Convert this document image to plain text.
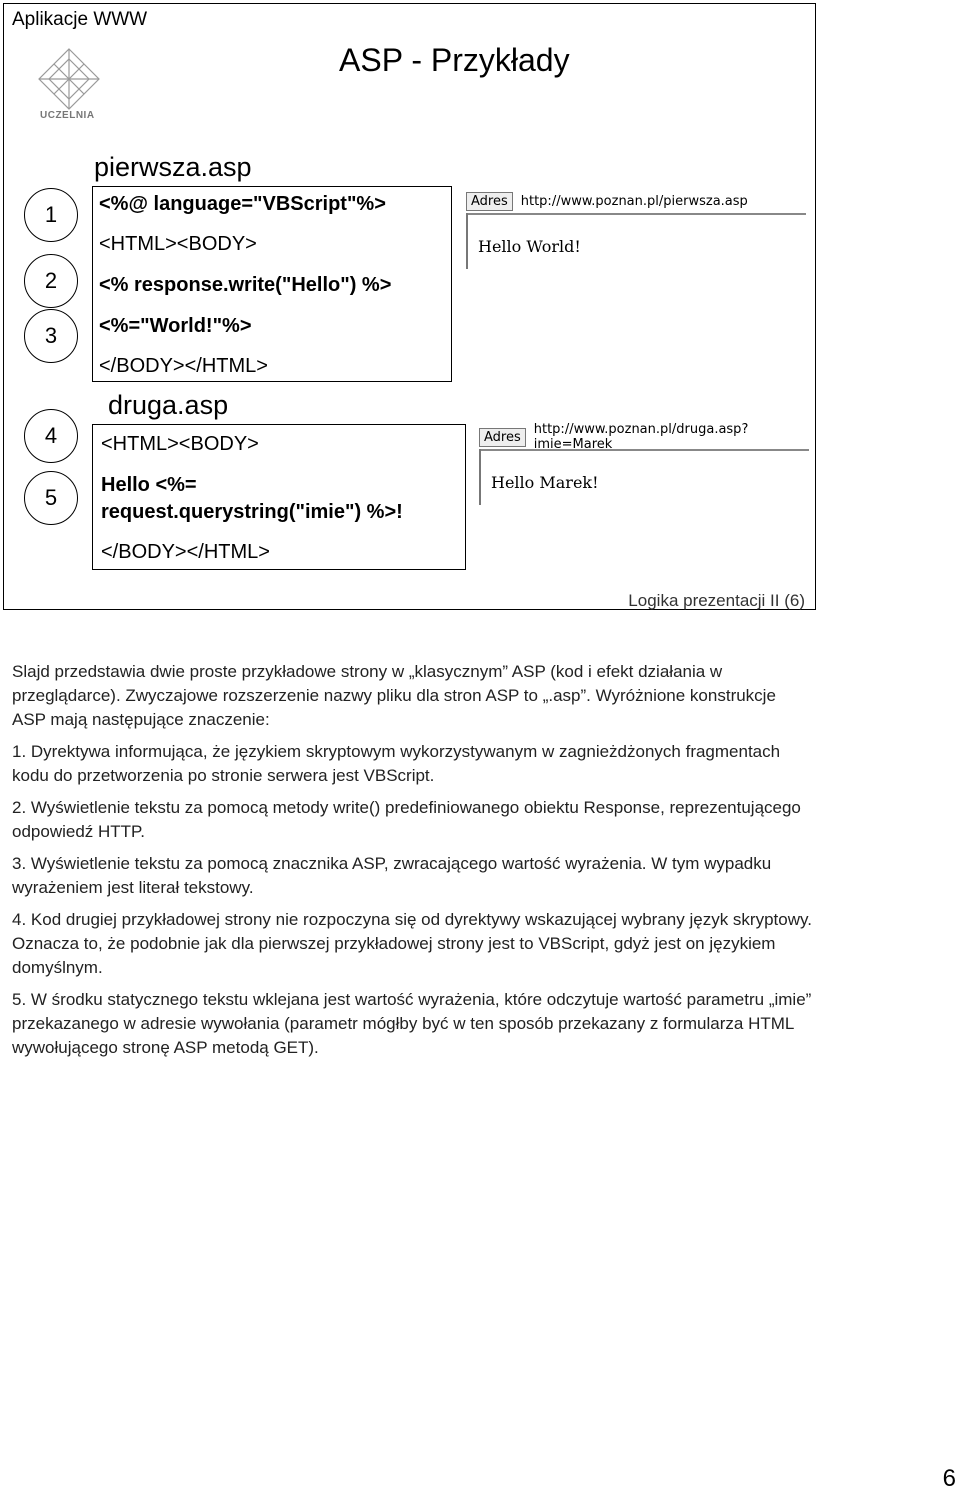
Aplikacje WWW
ASP - Przykłady
UCZELNIA
1
2
3
4
5
pierwsza.asp
<%@ language="VBScript"%>
<HTML><BODY>
<% response.write("Hello") %>
<%="World!"%>
</BODY></HTML>
druga.asp
<HTML><BODY>
Hello <%=
request.querystring("imie") %>!
</BODY></HTML>
Adres	http://www.poznan.pl/pierwsza.asp
Hello World!
Adres	http://www.poznan.pl/druga.asp?imie=Marek
Hello Marek!
Logika prezentacji II (6)

Slajd przedstawia dwie proste przykładowe strony w „klasycznym” ASP (kod i efekt działania w przeglądarce). Zwyczajowe rozszerzenie nazwy pliku dla stron ASP to „.asp”. Wyróżnione konstrukcje ASP mają następujące znaczenie:

1. Dyrektywa informująca, że językiem skryptowym wykorzystywanym w zagnieżdżonych fragmentach kodu do przetworzenia po stronie serwera jest VBScript.

2. Wyświetlenie tekstu za pomocą metody write() predefiniowanego obiektu Response, reprezentującego odpowiedź HTTP.

3. Wyświetlenie tekstu za pomocą znacznika ASP, zwracającego wartość wyrażenia. W tym wypadku wyrażeniem jest literał tekstowy.

4. Kod drugiej przykładowej strony nie rozpoczyna się od dyrektywy wskazującej wybrany język skryptowy. Oznacza to, że podobnie jak dla pierwszej przykładowej strony jest to VBScript, gdyż jest on językiem domyślnym.

5. W środku statycznego tekstu wklejana jest wartość wyrażenia, które odczytuje wartość parametru „imie” przekazanego w adresie wywołania (parametr mógłby być w ten sposób przekazany z formularza HTML wywołującego stronę ASP metodą GET).

6
